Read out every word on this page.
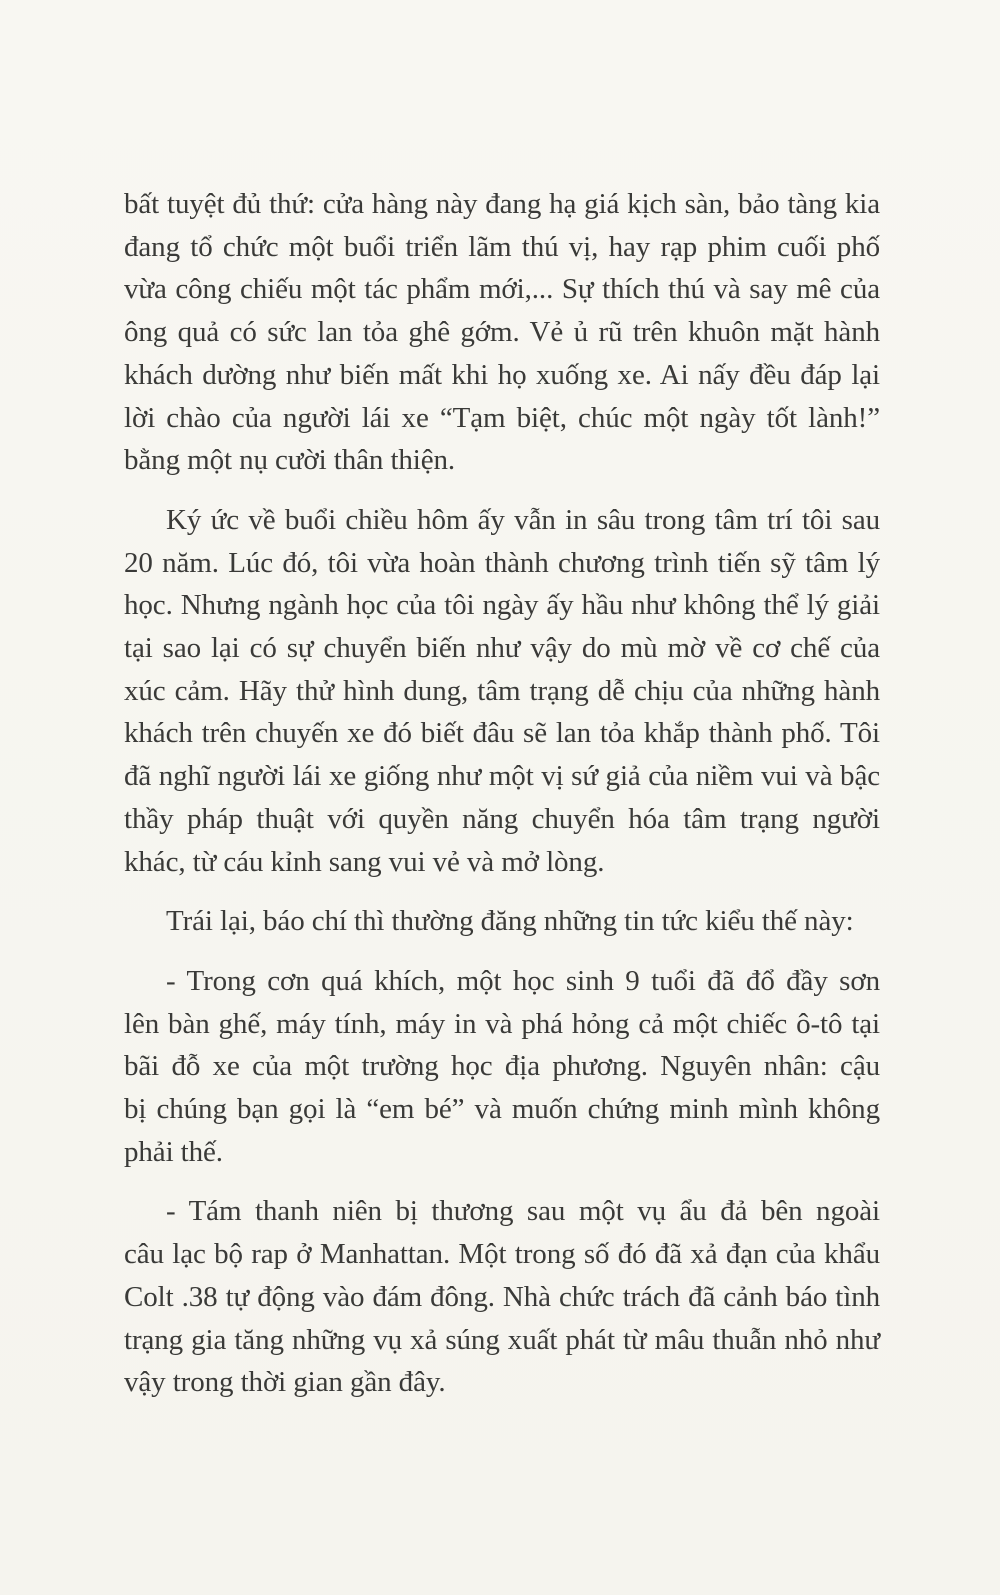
bất tuyệt đủ thứ: cửa hàng này đang hạ giá kịch sàn, bảo tàng kia
đang tổ chức một buổi triển lãm thú vị, hay rạp phim cuối phố
vừa công chiếu một tác phẩm mới,... Sự thích thú và say mê của
ông quả có sức lan tỏa ghê gớm. Vẻ ủ rũ trên khuôn mặt hành
khách dường như biến mất khi họ xuống xe. Ai nấy đều đáp lại
lời chào của người lái xe “Tạm biệt, chúc một ngày tốt lành!”
bằng một nụ cười thân thiện.
Ký ức về buổi chiều hôm ấy vẫn in sâu trong tâm trí tôi sau
20 năm. Lúc đó, tôi vừa hoàn thành chương trình tiến sỹ tâm lý
học. Nhưng ngành học của tôi ngày ấy hầu như không thể lý giải
tại sao lại có sự chuyển biến như vậy do mù mờ về cơ chế của
xúc cảm. Hãy thử hình dung, tâm trạng dễ chịu của những hành
khách trên chuyến xe đó biết đâu sẽ lan tỏa khắp thành phố. Tôi
đã nghĩ người lái xe giống như một vị sứ giả của niềm vui và bậc
thầy pháp thuật với quyền năng chuyển hóa tâm trạng người
khác, từ cáu kỉnh sang vui vẻ và mở lòng.
Trái lại, báo chí thì thường đăng những tin tức kiểu thế này:
- Trong cơn quá khích, một học sinh 9 tuổi đã đổ đầy sơn
lên bàn ghế, máy tính, máy in và phá hỏng cả một chiếc ô-tô tại
bãi đỗ xe của một trường học địa phương. Nguyên nhân: cậu
bị chúng bạn gọi là “em bé” và muốn chứng minh mình không
phải thế.
- Tám thanh niên bị thương sau một vụ ẩu đả bên ngoài
câu lạc bộ rap ở Manhattan. Một trong số đó đã xả đạn của khẩu
Colt .38 tự động vào đám đông. Nhà chức trách đã cảnh báo tình
trạng gia tăng những vụ xả súng xuất phát từ mâu thuẫn nhỏ như
vậy trong thời gian gần đây.
